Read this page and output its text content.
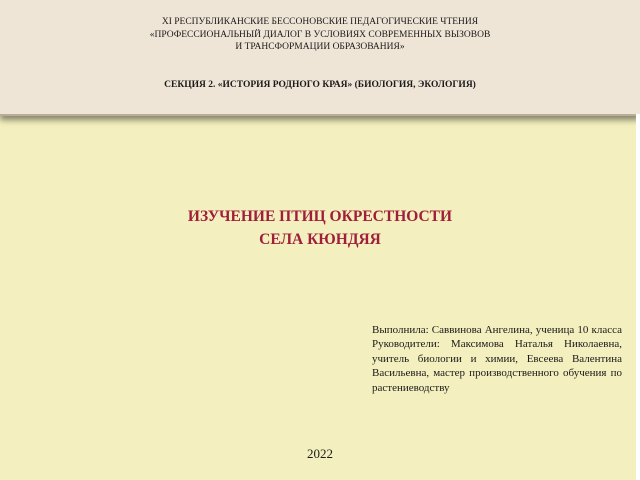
XI РЕСПУБЛИКАНСКИЕ БЕССОНОВСКИЕ ПЕДАГОГИЧЕСКИЕ ЧТЕНИЯ
«ПРОФЕССИОНАЛЬНЫЙ ДИАЛОГ В УСЛОВИЯХ СОВРЕМЕННЫХ ВЫЗОВОВ
И ТРАНСФОРМАЦИИ ОБРАЗОВАНИЯ»
СЕКЦИЯ 2. «ИСТОРИЯ РОДНОГО КРАЯ» (БИОЛОГИЯ, ЭКОЛОГИЯ)
ИЗУЧЕНИЕ ПТИЦ ОКРЕСТНОСТИ
СЕЛА КЮНДЯЯ
Выполнила: Саввинова Ангелина, ученица 10 класса Руководители: Максимова Наталья Николаевна, учитель биологии и химии, Евсеева Валентина Васильевна, мастер производственного обучения по растениеводству
2022
